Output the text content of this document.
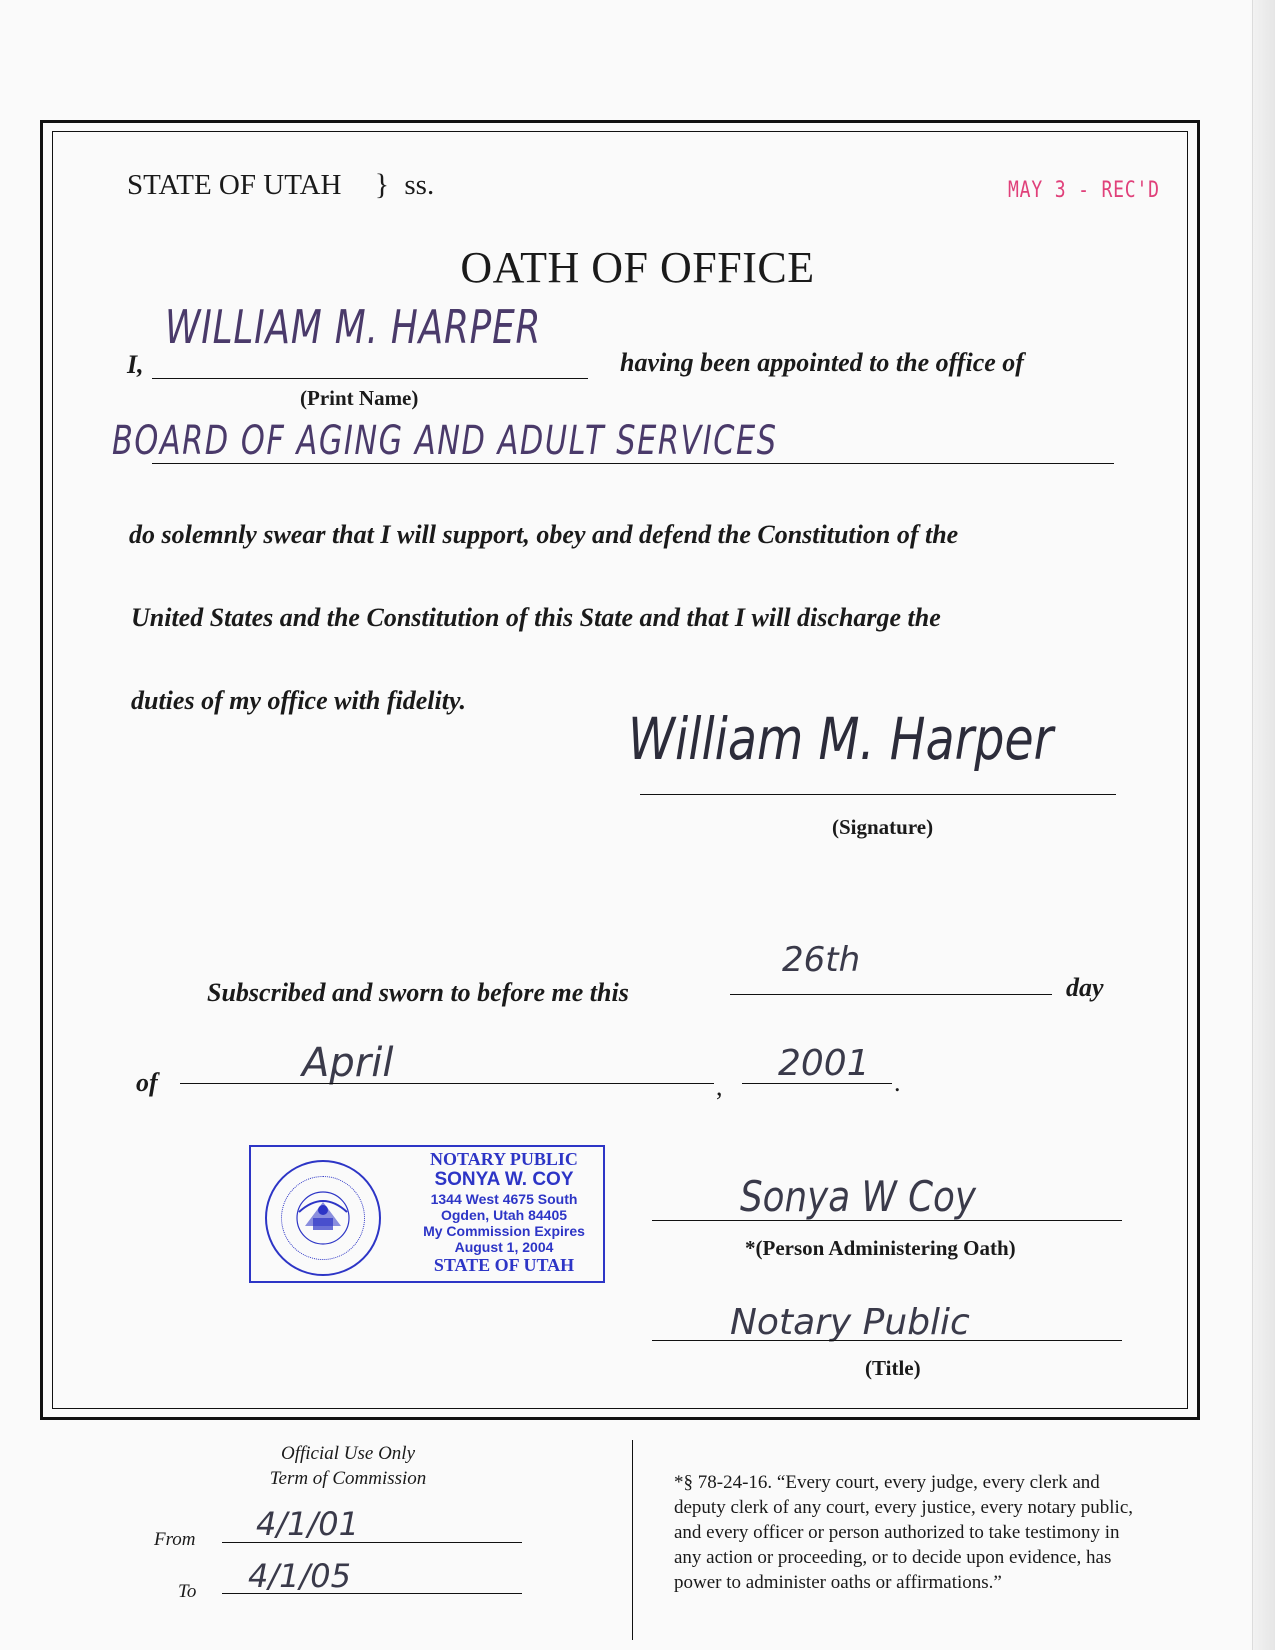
STATE OF UTAH } ss.	MAY 3 - REC'D
OATH OF OFFICE
I,
WILLIAM M. HARPER
(Print Name)
having been appointed to the office of
BOARD OF AGING AND ADULT SERVICES
do solemnly swear that I will support, obey and defend the Constitution of the
United States and the Constitution of this State and that I will discharge the
duties of my office with fidelity.
William M. Harper
(Signature)
Subscribed and sworn to before me this
26th
day
of	April
,
2001 .
NOTARY PUBLIC
SONYA W. COY
1344 West 4675 South
Ogden, Utah 84405
My Commission Expires
August 1, 2004
STATE OF UTAH
Sonya W Coy
*(Person Administering Oath)
Notary Public
(Title)
Official Use Only
Term of Commission
From 4/1/01
To 4/1/05
*§ 78-24-16. “Every court, every judge, every clerk and
deputy clerk of any court, every justice, every notary public,
and every officer or person authorized to take testimony in
any action or proceeding, or to decide upon evidence, has
power to administer oaths or affirmations.”
